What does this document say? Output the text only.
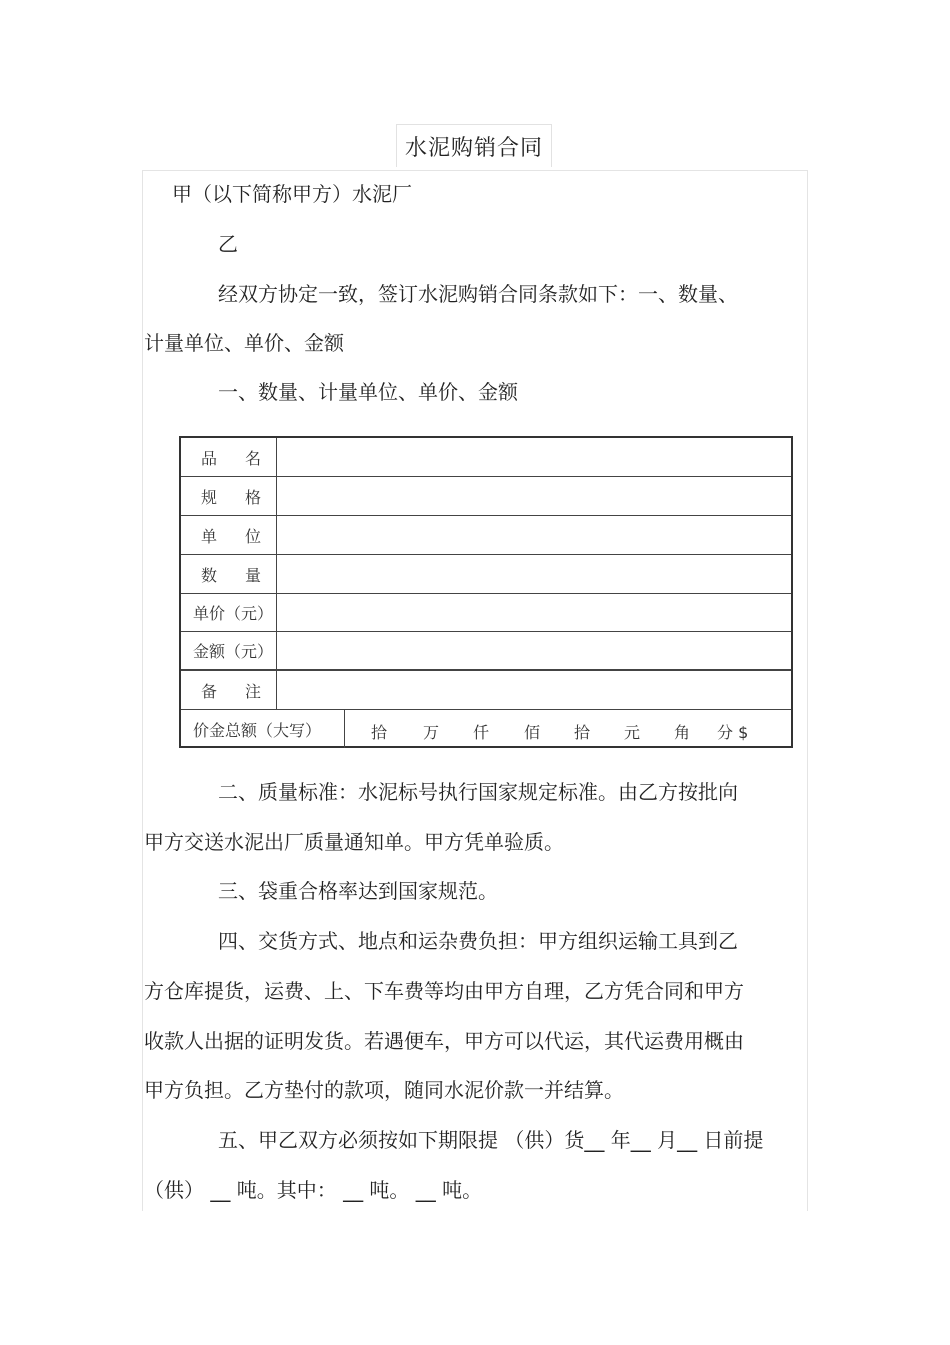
水泥购销合同
甲（以下简称甲方）水泥厂
乙
经双方协定一致，签订水泥购销合同条款如下：一、数量、
计量单位、单价、金额
一、数量、计量单位、单价、金额
品 名
规 格
单 位
数 量
单价（元）
金额（元）
备 注
价金总额（大写）	拾 万 仟 佰 拾 元 角 分 $
二、质量标准：水泥标号执行国家规定标准。由乙方按批向
甲方交送水泥出厂质量通知单。甲方凭单验质。
三、袋重合格率达到国家规范。
四、交货方式、地点和运杂费负担：甲方组织运输工具到乙
方仓库提货，运费、上、下车费等均由甲方自理，乙方凭合同和甲方
收款人出据的证明发货。若遇便车，甲方可以代运，其代运费用概由
甲方负担。乙方垫付的款项，随同水泥价款一并结算。
五、甲乙双方必须按如下期限提 （供）货__ 年__ 月__ 日前提
（供） __ 吨。其中： __ 吨。 __ 吨。
